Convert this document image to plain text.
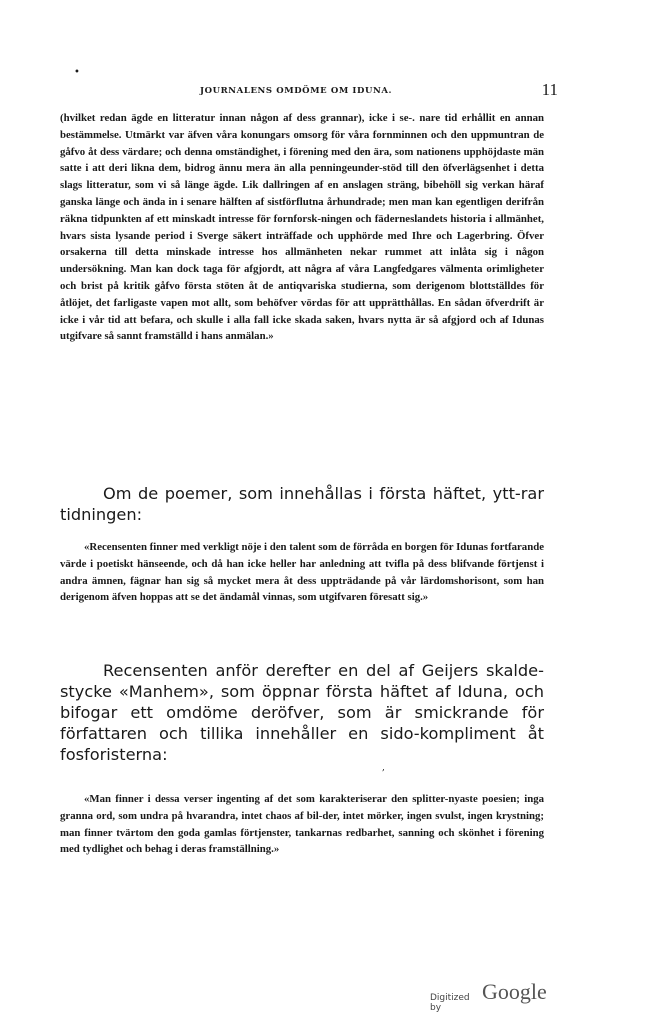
•
JOURNALENS OMDÖME OM IDUNA.	11

(hvilket redan ägde en litteratur innan någon af dess grannar), icke i se-. nare tid erhållit en annan bestämmelse. Utmärkt var äfven våra konungars omsorg för våra fornminnen och den uppmuntran de gåfvo åt dess värdare; och denna omständighet, i förening med den ära, som nationens upphöjdaste män satte i att deri likna dem, bidrog ännu mera än alla penningeunder-stöd till den öfverlägsenhet i detta slags litteratur, som vi så länge ägde. Lik dallringen af en anslagen sträng, bibehöll sig verkan häraf ganska länge och ända in i senare hälften af sistförflutna århundrade; men man kan egentligen derifrån räkna tidpunkten af ett minskadt intresse för fornforsk-ningen och fäderneslandets historia i allmänhet, hvars sista lysande period i Sverge säkert inträffade och upphörde med Ihre och Lagerbring. Öfver orsakerna till detta minskade intresse hos allmänheten nekar rummet att inlåta sig i någon undersökning. Man kan dock taga för afgjordt, att några af våra Langfedgares välmenta orimligheter och brist på kritik gåfvo första stöten åt de antiqvariska studierna, som derigenom blottställdes för åtlöjet, det farligaste vapen mot allt, som behöfver vördas för att upprätthållas. En sådan öfverdrift är icke i vår tid att befara, och skulle i alla fall icke skada saken, hvars nytta är så afgjord och af Idunas utgifvare så sannt framställd i hans anmälan.»

Om de poemer, som innehållas i första häftet, ytt-rar tidningen:

«Recensenten finner med verkligt nöje i den talent som de förråda en borgen för Idunas fortfarande värde i poetiskt hänseende, och då han icke heller har anledning att tvifla på dess blifvande förtjenst i andra ämnen, fägnar han sig så mycket mera åt dess uppträdande på vår lärdomshorisont, som han derigenom äfven hoppas att se det ändamål vinnas, som utgifvaren föresatt sig.»

Recensenten anför derefter en del af Geijers skalde-stycke «Manhem», som öppnar första häftet af Iduna, och bifogar ett omdöme deröfver, som är smickrande för författaren och tillika innehåller en sido-kompliment åt fosforisterna:

,

«Man finner i dessa verser ingenting af det som karakteriserar den splitter-nyaste poesien; inga granna ord, som undra på hvarandra, intet chaos af bil-der, intet mörker, ingen svulst, ingen krystning; man finner tvärtom den goda gamlas förtjenster, tankarnas redbarhet, sanning och skönhet i förening med tydlighet och behag i deras framställning.»

Digitized by
Google
